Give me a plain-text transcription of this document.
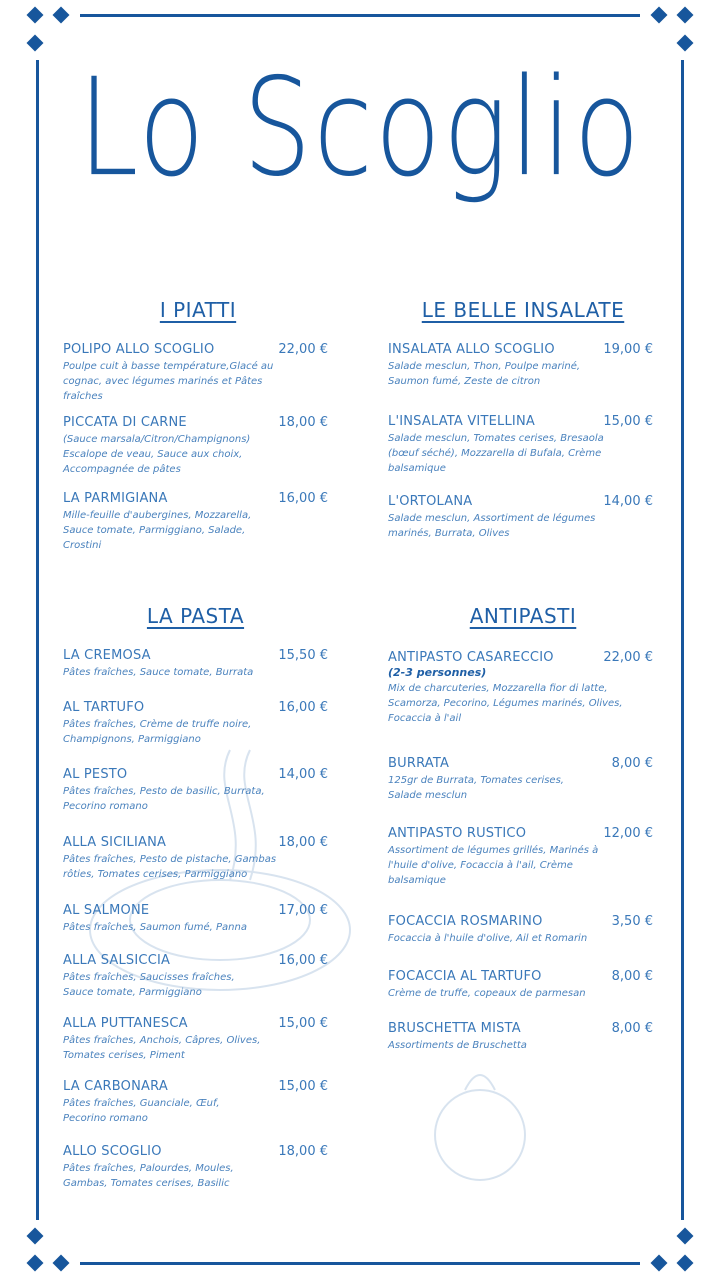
Lo Scoglio
I PIATTI
POLIPO ALLO SCOGLIO	22,00 €
Poulpe cuit à basse température,Glacé au cognac, avec légumes marinés et Pâtes fraîches
PICCATA DI CARNE	18,00 €
(Sauce marsala/Citron/Champignons) Escalope de veau, Sauce aux choix, Accompagnée de pâtes
LA PARMIGIANA	16,00 €
Mille-feuille d'aubergines, Mozzarella, Sauce tomate, Parmiggiano, Salade, Crostini
LE BELLE INSALATE
INSALATA ALLO SCOGLIO	19,00 €
Salade mesclun, Thon, Poulpe mariné, Saumon fumé, Zeste de citron
L'INSALATA VITELLINA	15,00 €
Salade mesclun, Tomates cerises, Bresaola (bœuf séché), Mozzarella di Bufala, Crème balsamique
L'ORTOLANA	14,00 €
Salade mesclun, Assortiment de légumes marinés, Burrata, Olives
LA PASTA
LA CREMOSA	15,50 €
Pâtes fraîches, Sauce tomate, Burrata
AL TARTUFO	16,00 €
Pâtes fraîches, Crème de truffe noire, Champignons, Parmiggiano
AL PESTO	14,00 €
Pâtes fraîches, Pesto de basilic, Burrata, Pecorino romano
ALLA SICILIANA	18,00 €
Pâtes fraîches, Pesto de pistache, Gambas rôties, Tomates cerises, Parmiggiano
AL SALMONE	17,00 €
Pâtes fraîches, Saumon fumé, Panna
ALLA SALSICCIA	16,00 €
Pâtes fraîches, Saucisses fraîches, Sauce tomate, Parmiggiano
ALLA PUTTANESCA	15,00 €
Pâtes fraîches, Anchois, Câpres, Olives, Tomates cerises, Piment
LA CARBONARA	15,00 €
Pâtes fraîches, Guanciale, Œuf, Pecorino romano
ALLO SCOGLIO	18,00 €
Pâtes fraîches, Palourdes, Moules, Gambas, Tomates cerises, Basilic
ANTIPASTI
ANTIPASTO CASARECCIO	22,00 €
(2-3 personnes)
Mix de charcuteries, Mozzarella fior di latte, Scamorza, Pecorino, Légumes marinés, Olives, Focaccia à l'ail
BURRATA	8,00 €
125gr de Burrata, Tomates cerises, Salade mesclun
ANTIPASTO RUSTICO	12,00 €
Assortiment de légumes grillés, Marinés à l'huile d'olive, Focaccia à l'ail, Crème balsamique
FOCACCIA ROSMARINO	3,50 €
Focaccia à l'huile d'olive, Ail et Romarin
FOCACCIA AL TARTUFO	8,00 €
Crème de truffe, copeaux de parmesan
BRUSCHETTA MISTA	8,00 €
Assortiments de Bruschetta
